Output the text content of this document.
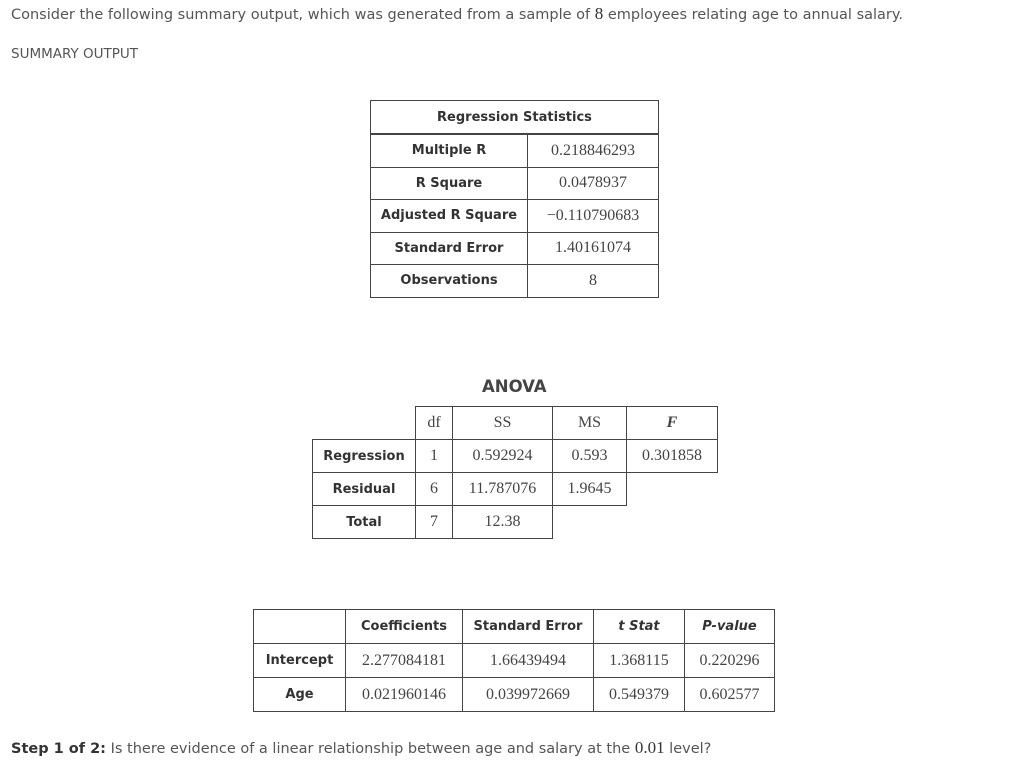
Consider the following summary output, which was generated from a sample of 8 employees relating age to annual salary.
SUMMARY OUTPUT
Regression Statistics	
Multiple R	0.218846293
R Square	0.0478937
Adjusted R Square	−0.110790683
Standard Error	1.40161074
Observations	8
ANOVA
	df	SS	MS	F
Regression	1	0.592924	0.593	0.301858
Residual	6	11.787076	1.9645	
Total	7	12.38		
	Coefficients	Standard Error	t Stat	P-value
Intercept	2.277084181	1.66439494	1.368115	0.220296
Age	0.021960146	0.039972669	0.549379	0.602577
Step 1 of 2: Is there evidence of a linear relationship between age and salary at the 0.01 level?
